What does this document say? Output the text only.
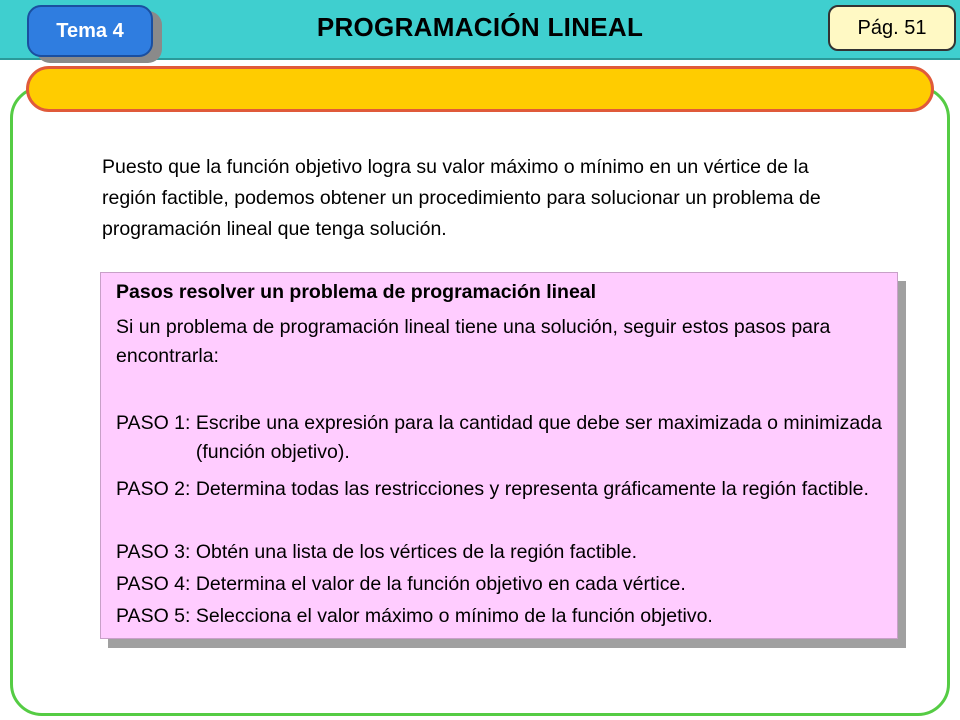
PROGRAMACIÓN LINEAL
Tema 4	Pág. 51

Puesto que la función objetivo logra su valor máximo o mínimo en un vértice de la región factible, podemos obtener un procedimiento para solucionar un problema de programación lineal que tenga solución.

Pasos resolver un problema de programación lineal

Si un problema de programación lineal tiene una solución, seguir estos pasos para encontrarla:

PASO 1: Escribe una expresión para la cantidad que debe ser maximizada o minimizada (función objetivo).
PASO 2: Determina todas las restricciones y representa gráficamente la región factible.
PASO 3: Obtén una lista de los vértices de la región factible.
PASO 4: Determina el valor de la función objetivo en cada vértice.
PASO 5: Selecciona el valor máximo o mínimo de la función objetivo.
